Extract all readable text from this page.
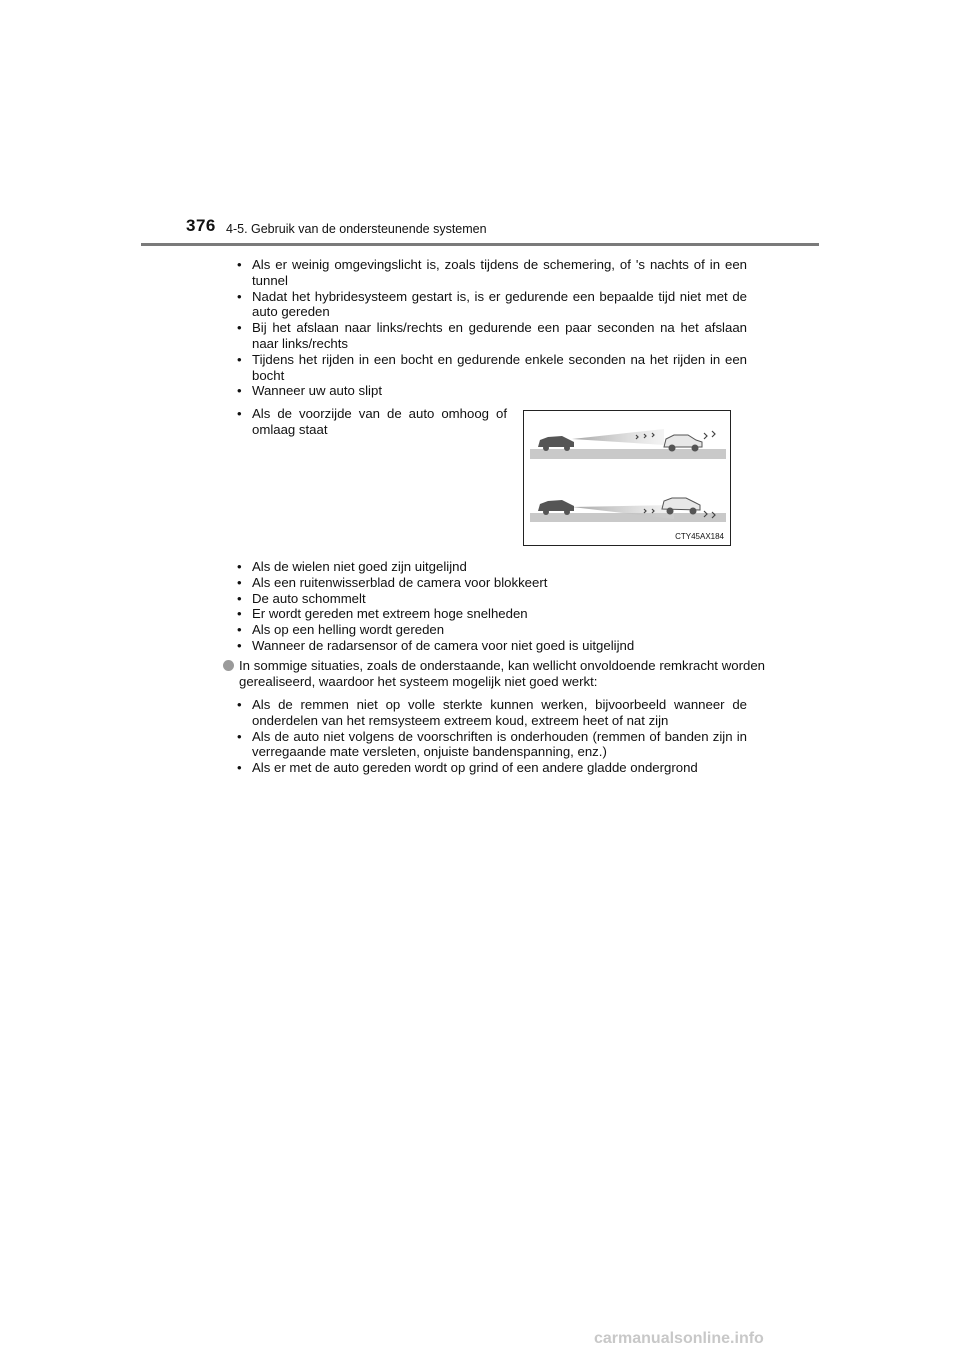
376 4-5. Gebruik van de ondersteunende systemen
• Als er weinig omgevingslicht is, zoals tijdens de schemering, of 's nachts of in een tunnel
• Nadat het hybridesysteem gestart is, is er gedurende een bepaalde tijd niet met de auto gereden
• Bij het afslaan naar links/rechts en gedurende een paar seconden na het afslaan naar links/rechts
• Tijdens het rijden in een bocht en gedurende enkele seconden na het rijden in een bocht
• Wanneer uw auto slipt
• Als de voorzijde van de auto omhoog of omlaag staat
CTY45AX184
• Als de wielen niet goed zijn uitgelijnd
• Als een ruitenwisserblad de camera voor blokkeert
• De auto schommelt
• Er wordt gereden met extreem hoge snelheden
• Als op een helling wordt gereden
• Wanneer de radarsensor of de camera voor niet goed is uitgelijnd
In sommige situaties, zoals de onderstaande, kan wellicht onvoldoende remkracht worden gerealiseerd, waardoor het systeem mogelijk niet goed werkt:
• Als de remmen niet op volle sterkte kunnen werken, bijvoorbeeld wanneer de onderdelen van het remsysteem extreem koud, extreem heet of nat zijn
• Als de auto niet volgens de voorschriften is onderhouden (remmen of banden zijn in verregaande mate versleten, onjuiste bandenspanning, enz.)
• Als er met de auto gereden wordt op grind of een andere gladde ondergrond
carmanualsonline.info
